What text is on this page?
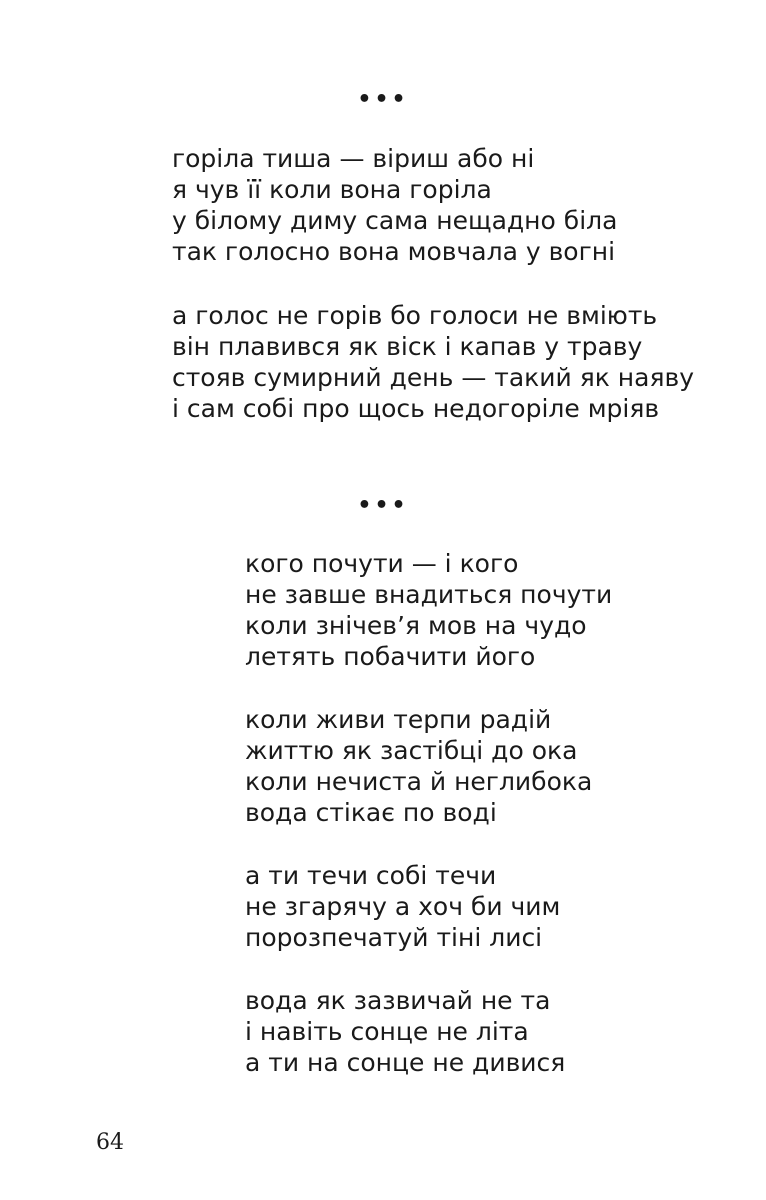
•••

горіла тиша — віриш або ні
я чув її коли вона горіла
у білому диму сама нещадно біла
так голосно вона мовчала у вогні

а голос не горів бо голоси не вміють
він плавився як віск і капав у траву
стояв сумирний день — такий як наяву
і сам собі про щось недогоріле мріяв

•••

кого почути — і кого
не завше внадиться почути
коли знічев’я мов на чудо
летять побачити його

коли живи терпи радій
життю як застібці до ока
коли нечиста й неглибока
вода стікає по воді

а ти течи собі течи
не згарячу а хоч би чим
порозпечатуй тіні лисі

вода як зазвичай не та
і навіть сонце не літа
а ти на сонце не дивися

64
